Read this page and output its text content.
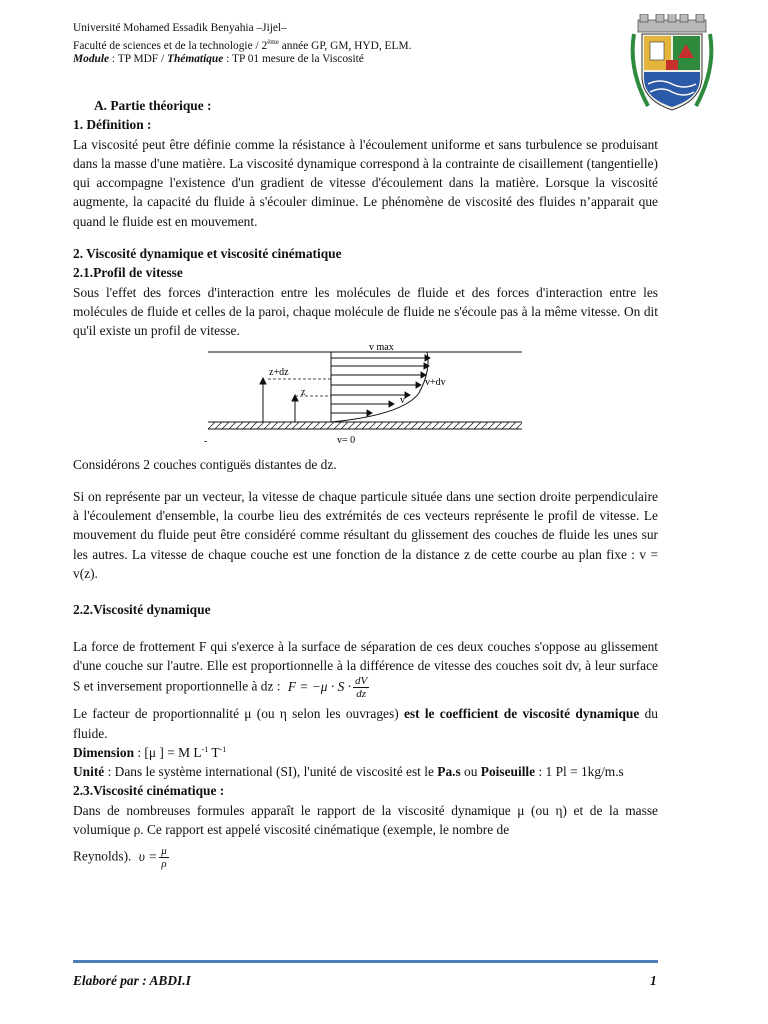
Université Mohamed Essadik Benyahia –Jijel–
Faculté de sciences et de la technologie / 2ème année GP, GM, HYD, ELM.
Module : TP MDF / Thématique : TP 01 mesure de la Viscosité

A. Partie théorique :

1. Définition :

La viscosité peut être définie comme la résistance à l'écoulement uniforme et sans turbulence se produisant dans la masse d'une matière. La viscosité dynamique correspond à la contrainte de cisaillement (tangentielle) qui accompagne l'existence d'un gradient de vitesse d'écoulement dans la matière. Lorsque la viscosité augmente, la capacité du fluide à s'écouler diminue. Le phénomène de viscosité des fluides n’apparait que quand le fluide est en mouvement.

2. Viscosité dynamique et viscosité cinématique

2.1.Profil de vitesse

Sous l'effet des forces d'interaction entre les molécules de fluide et des forces d'interaction entre les molécules de fluide et celles de la paroi, chaque molécule de fluide ne s'écoule pas à la même vitesse. On dit qu'il existe un profil de vitesse.

v max
z+dz
z
v+dv
v
v= 0
-

Considérons 2 couches contiguës distantes de dz.

Si on représente par un vecteur, la vitesse de chaque particule située dans une section droite perpendiculaire à l'écoulement d'ensemble, la courbe lieu des extrémités de ces vecteurs représente le profil de vitesse. Le mouvement du fluide peut être considéré comme résultant du glissement des couches de fluide les unes sur les autres. La vitesse de chaque couche est une fonction de la distance z de cette courbe au plan fixe : v = v(z).

2.2.Viscosité dynamique

La force de frottement F qui s'exerce à la surface de séparation de ces deux couches s'oppose au glissement d'une couche sur l'autre. Elle est proportionnelle à la différence de vitesse des couches soit dv, à leur surface S et inversement proportionnelle à dz : $F = -\mu \cdot S \cdot \frac{dV}{dz}$

Le facteur de proportionnalité μ (ou η selon les ouvrages) est le coefficient de viscosité dynamique du fluide.

Dimension : [μ ] = M $L^{-1}$ $T^{-1}$

Unité : Dans le système international (SI), l'unité de viscosité est le Pa.s ou Poiseuille : 1 Pl = 1kg/m.s

2.3.Viscosité cinématique :

Dans de nombreuses formules apparaît le rapport de la viscosité dynamique μ (ou η) et de la masse volumique ρ. Ce rapport est appelé viscosité cinématique (exemple, le nombre de

Reynolds). $\upsilon = \frac{\mu}{\rho}$

Elaboré par : ABDI.I	1
